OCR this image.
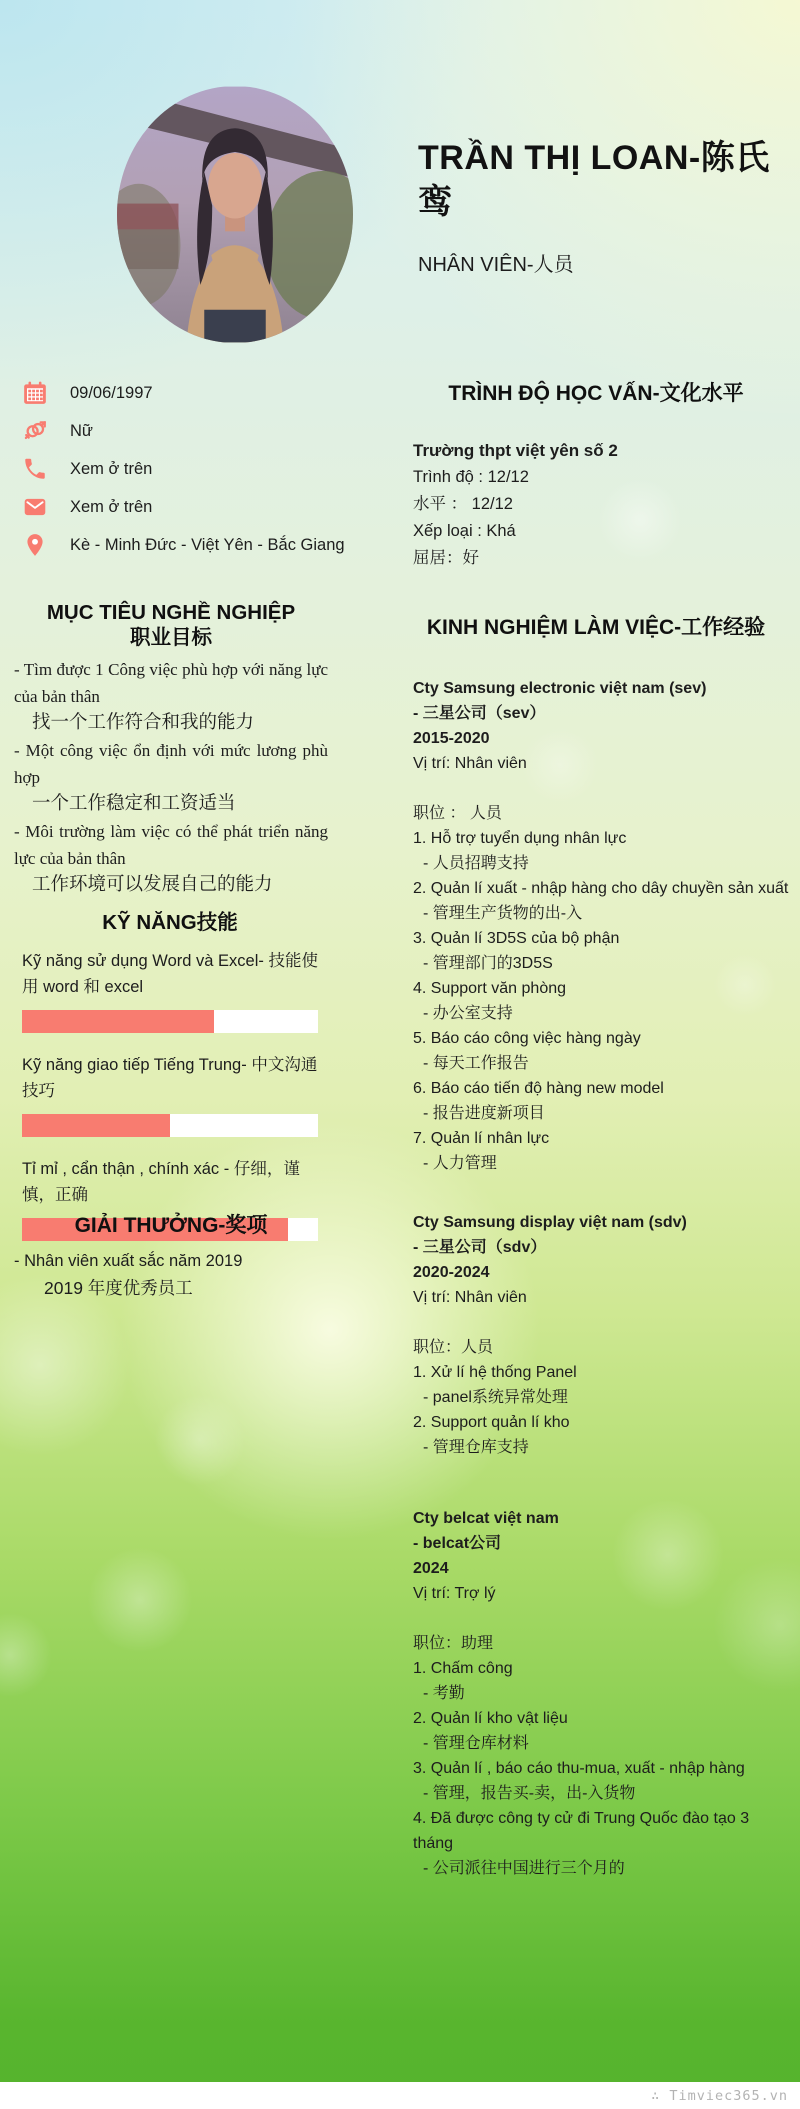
TRẦN THỊ LOAN-陈氏鸾
NHÂN VIÊN-人员
09/06/1997
Nữ
Xem ở trên
Xem ở trên
Kè - Minh Đức - Việt Yên - Bắc Giang
MỤC TIÊU NGHỀ NGHIỆP
职业目标
- Tìm được 1 Công việc phù hợp với năng lực của bản thân
找一个工作符合和我的能力
- Một công việc ổn định với mức lương phù hợp
一个工作稳定和工资适当
- Môi trường làm việc có thể phát triển năng lực của bản thân
工作环境可以发展自己的能力
KỸ NĂNG技能
Kỹ năng sử dụng Word và Excel- 技能使用 word 和 excel
Kỹ năng giao tiếp Tiếng Trung- 中文沟通技巧
Tỉ mỉ , cẩn thận , chính xác - 仔细，谨慎，正确
GIẢI THƯỞNG-奖项
- Nhân viên xuất sắc năm 2019
2019 年度优秀员工
TRÌNH ĐỘ HỌC VẤN-文化水平
Trường thpt việt yên số 2
Trình độ : 12/12
水平 ： 12/12
Xếp loại : Khá
屈居：好
KINH NGHIỆM LÀM VIỆC-工作经验
Cty Samsung electronic việt nam (sev)
- 三星公司（sev）
2015-2020
Vị trí: Nhân viên
职位 ： 人员
1. Hỗ trợ tuyển dụng nhân lực
- 人员招聘支持
2. Quản lí xuất - nhập hàng cho dây chuyền sản xuất
- 管理生产货物的出-入
3. Quản lí 3D5S của bộ phận
- 管理部门的3D5S
4. Support văn phòng
- 办公室支持
5. Báo cáo công việc hàng ngày
- 每天工作报告
6. Báo cáo tiến độ hàng new model
- 报告进度新项目
7. Quản lí nhân lực
- 人力管理
Cty Samsung display việt nam (sdv)
- 三星公司（sdv）
2020-2024
Vị trí: Nhân viên
职位：人员
1. Xử lí hệ thống Panel
- panel系统异常处理
2. Support quản lí kho
- 管理仓库支持
Cty belcat việt nam
- belcat公司
2024
Vị trí: Trợ lý
职位：助理
1. Chấm công
- 考勤
2. Quản lí kho vật liệu
- 管理仓库材料
3. Quản lí , báo cáo thu-mua, xuất - nhập hàng
- 管理，报告买-卖，出-入货物
4. Đã được công ty cử đi Trung Quốc đào tạo 3 tháng
- 公司派往中国进行三个月的
∴ Timviec365.vn
